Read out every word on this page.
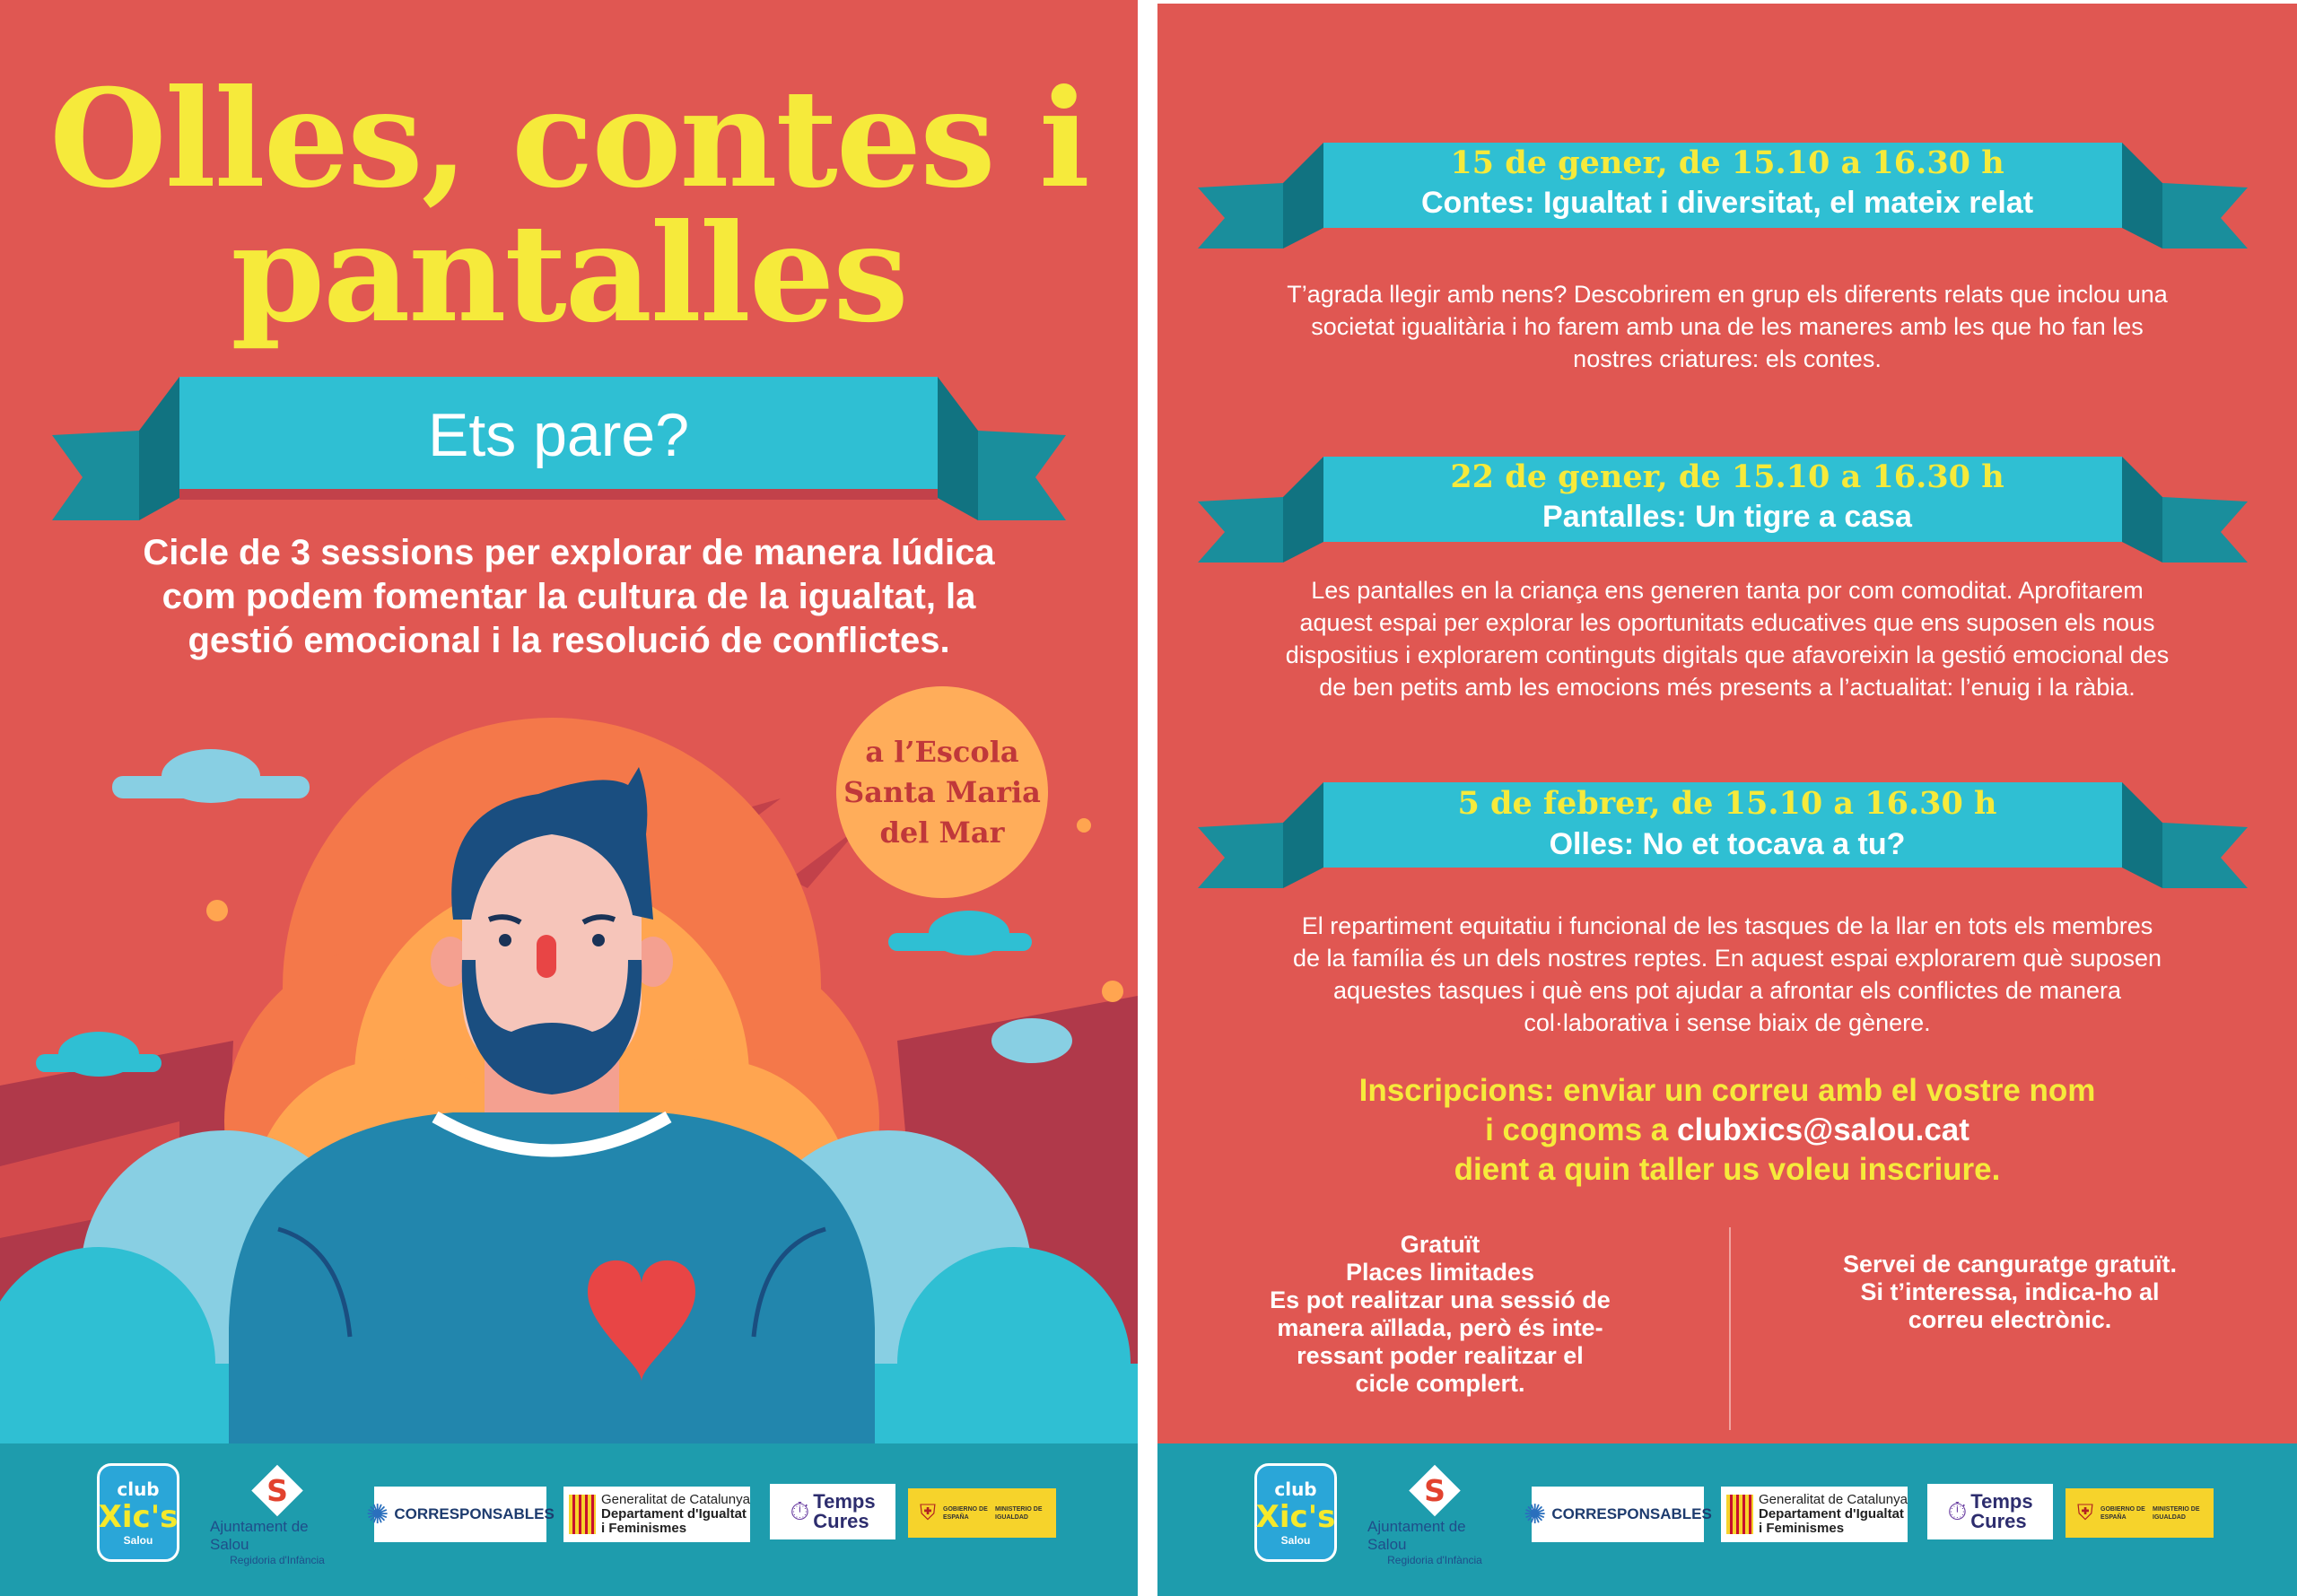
Olles, contes i
pantalles
Ets pare?
Cicle de 3 sessions per explorar de manera lúdica
com podem fomentar la cultura de la igualtat, la
gestió emocional i la resolució de conflictes.
a l’Escola
Santa Maria
del Mar
club
Xic's
Salou
S
Ajuntament de Salou
Regidoria d'Infància
✺ CORRESPONSABLES
Generalitat de Catalunya
Departament d'Igualtat
i Feminismes
⏱ Temps
Cures ⛨ GOBIERNO DE ESPAÑA
MINISTERIO DE IGUALDAD
15 de gener, de 15.10 a 16.30 h
Contes: Igualtat i diversitat, el mateix relat
T’agrada llegir amb nens? Descobrirem en grup els diferents relats que inclou una
societat igualitària i ho farem amb una de les maneres amb les que ho fan les
nostres criatures: els contes.
22 de gener, de 15.10 a 16.30 h
Pantalles: Un tigre a casa
Les pantalles en la criança ens generen tanta por com comoditat. Aprofitarem
aquest espai per explorar les oportunitats educatives que ens suposen els nous
dispositius i explorarem continguts digitals que afavoreixin la gestió emocional des
de ben petits amb les emocions més presents a l’actualitat: l’enuig i la ràbia.
5 de febrer, de 15.10 a 16.30 h
Olles: No et tocava a tu?
El repartiment equitatiu i funcional de les tasques de la llar en tots els membres
de la família és un dels nostres reptes. En aquest espai explorarem què suposen
aquestes tasques i què ens pot ajudar a afrontar els conflictes de manera
col·laborativa i sense biaix de gènere.
Inscripcions: enviar un correu amb el vostre nom
i cognoms a clubxics@salou.cat
dient a quin taller us voleu inscriure.
Gratuït
Places limitades
Es pot realitzar una sessió de
manera aïllada, però és inte-
ressant poder realitzar el
cicle complert.
Servei de canguratge gratuït.
Si t’interessa, indica-ho al
correu electrònic.
club
Xic's
Salou
S
Ajuntament de Salou
Regidoria d'Infància
✺ CORRESPONSABLES
Generalitat de Catalunya
Departament d'Igualtat
i Feminismes
⏱ Temps
Cures ⛨ GOBIERNO DE ESPAÑA
MINISTERIO DE IGUALDAD
